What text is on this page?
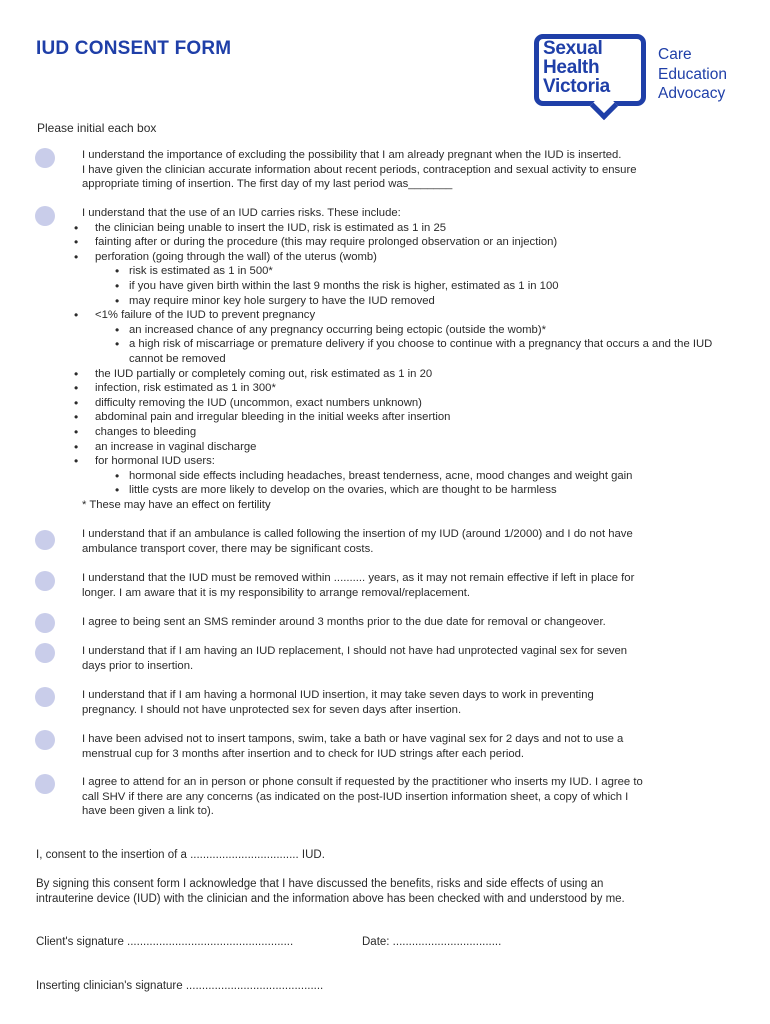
IUD CONSENT FORM	Sexual
Health
Victoria
Care
Education
Advocacy

Please initial each box

I understand the importance of excluding the possibility that I am already pregnant when the IUD is inserted.

I have given the clinician accurate information about recent periods, contraception and sexual activity to ensure

appropriate timing of insertion. The first day of my last period was_______

I understand that the use of an IUD carries risks. These include:

• the clinician being unable to insert the IUD, risk is estimated as 1 in 25
• fainting after or during the procedure (this may require prolonged observation or an injection)
• perforation (going through the wall) of the uterus (womb)
• risk is estimated as 1 in 500*
• if you have given birth within the last 9 months the risk is higher, estimated as 1 in 100
• may require minor key hole surgery to have the IUD removed
• <1% failure of the IUD to prevent pregnancy
• an increased chance of any pregnancy occurring being ectopic (outside the womb)*
• a high risk of miscarriage or premature delivery if you choose to continue with a pregnancy that occurs a and the IUD cannot be removed
• the IUD partially or completely coming out, risk estimated as 1 in 20
• infection, risk estimated as 1 in 300*
• difficulty removing the IUD (uncommon, exact numbers unknown)
• abdominal pain and irregular bleeding in the initial weeks after insertion
• changes to bleeding
• an increase in vaginal discharge
• for hormonal IUD users:
• hormonal side effects including headaches, breast tenderness, acne, mood changes and weight gain
• little cysts are more likely to develop on the ovaries, which are thought to be harmless

* These may have an effect on fertility

I understand that if an ambulance is called following the insertion of my IUD (around 1/2000) and I do not have

ambulance transport cover, there may be significant costs.

I understand that the IUD must be removed within .......... years, as it may not remain effective if left in place for

longer. I am aware that it is my responsibility to arrange removal/replacement.

I agree to being sent an SMS reminder around 3 months prior to the due date for removal or changeover.

I understand that if I am having an IUD replacement, I should not have had unprotected vaginal sex for seven

days prior to insertion.

I understand that if I am having a hormonal IUD insertion, it may take seven days to work in preventing

pregnancy. I should not have unprotected sex for seven days after insertion.

I have been advised not to insert tampons, swim, take a bath or have vaginal sex for 2 days and not to use a

menstrual cup for 3 months after insertion and to check for IUD strings after each period.

I agree to attend for an in person or phone consult if requested by the practitioner who inserts my IUD. I agree to

call SHV if there are any concerns (as indicated on the post-IUD insertion information sheet, a copy of which I

have been given a link to).

I, consent to the insertion of a .................................. IUD.

By signing this consent form I acknowledge that I have discussed the benefits, risks and side effects of using an
intrauterine device (IUD) with the clinician and the information above has been checked with and understood by me.

Client's signature ....................................................	Date: ..................................

Inserting clinician's signature ...........................................
